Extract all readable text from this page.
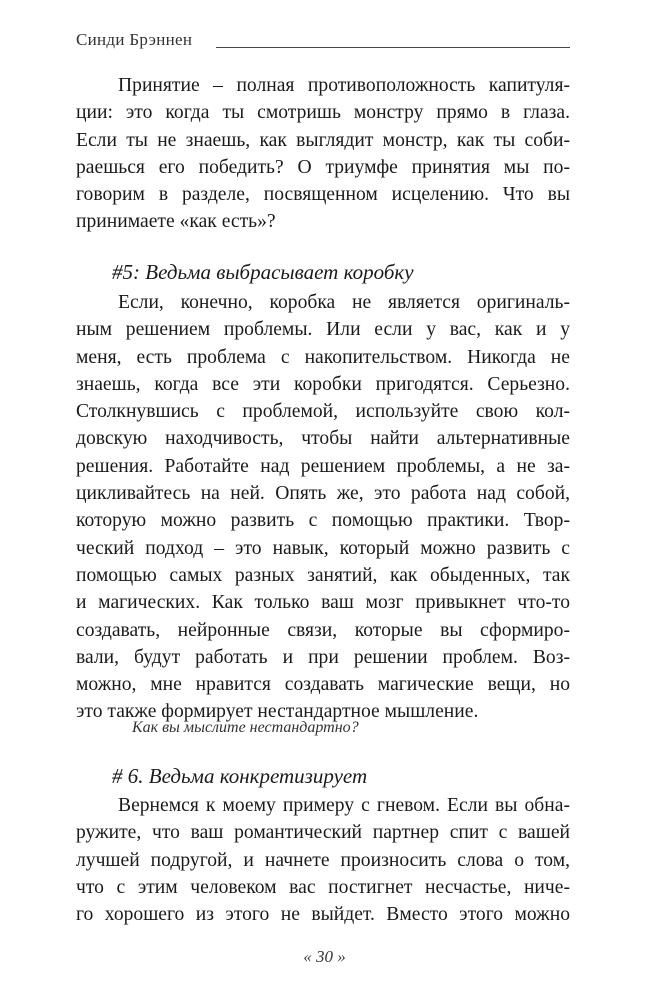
Синди Брэннен
Принятие – полная противоположность капитуля-
ции: это когда ты смотришь монстру прямо в глаза.
Если ты не знаешь, как выглядит монстр, как ты соби-
раешься его победить? О триумфе принятия мы по-
говорим в разделе, посвященном исцелению. Что вы
принимаете «как есть»?
#5: Ведьма выбрасывает коробку
Если, конечно, коробка не является оригиналь-
ным решением проблемы. Или если у вас, как и у
меня, есть проблема с накопительством. Никогда не
знаешь, когда все эти коробки пригодятся. Серьезно.
Столкнувшись с проблемой, используйте свою кол-
довскую находчивость, чтобы найти альтернативные
решения. Работайте над решением проблемы, а не за-
цикливайтесь на ней. Опять же, это работа над собой,
которую можно развить с помощью практики. Твор-
ческий подход – это навык, который можно развить с
помощью самых разных занятий, как обыденных, так
и магических. Как только ваш мозг привыкнет что-то
создавать, нейронные связи, которые вы сформиро-
вали, будут работать и при решении проблем. Воз-
можно, мне нравится создавать магические вещи, но
это также формирует нестандартное мышление.
Как вы мыслите нестандартно?
# 6. Ведьма конкретизирует
Вернемся к моему примеру с гневом. Если вы обна-
ружите, что ваш романтический партнер спит с вашей
лучшей подругой, и начнете произносить слова о том,
что с этим человеком вас постигнет несчастье, ниче-
го хорошего из этого не выйдет. Вместо этого можно
« 30 »
